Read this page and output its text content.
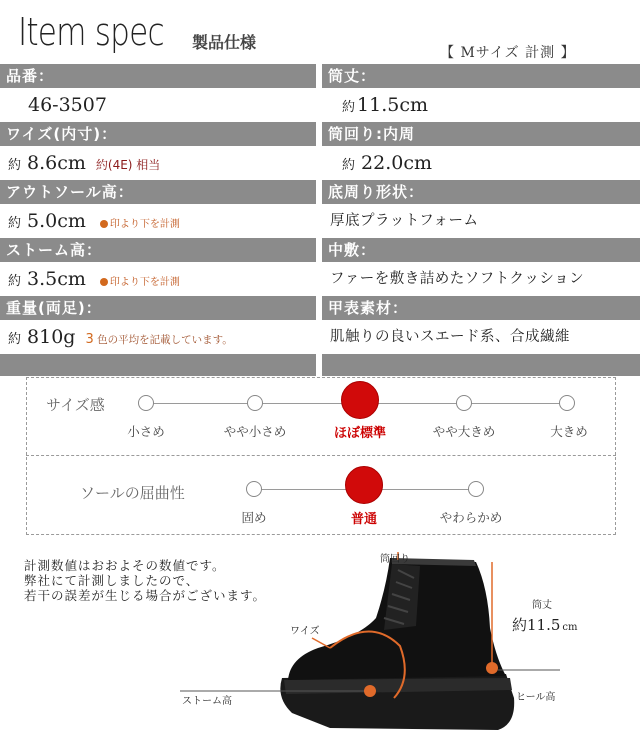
Item spec 製品仕様
【 Mサイズ 計測 】
品番：
46-3507
ワイズ(内寸)：
約 8.6cm 約(4E) 相当
アウトソール高：
約 5.0cm 印より下を計測
ストーム高：
約 3.5cm 印より下を計測
重量(両足)：
約 810g 3 色の平均を記載しています。
筒丈：
約 11.5cm
筒回り:内周
約 22.0cm
底周り形状：
厚底プラットフォーム
中敷：
ファーを敷き詰めたソフトクッション
甲表素材：
肌触りの良いスエード系、合成繊維
サイズ感
小さめ	やや小さめ	ほぼ標準	やや大きめ	大きめ
ソールの屈曲性
固め	普通	やわらかめ
計測数値はおおよその数値です。
弊社にて計測しましたので、
若干の誤差が生じる場合がございます。
筒回り
ワイズ
筒丈
約11.5 cm
ストーム高	ヒール高
